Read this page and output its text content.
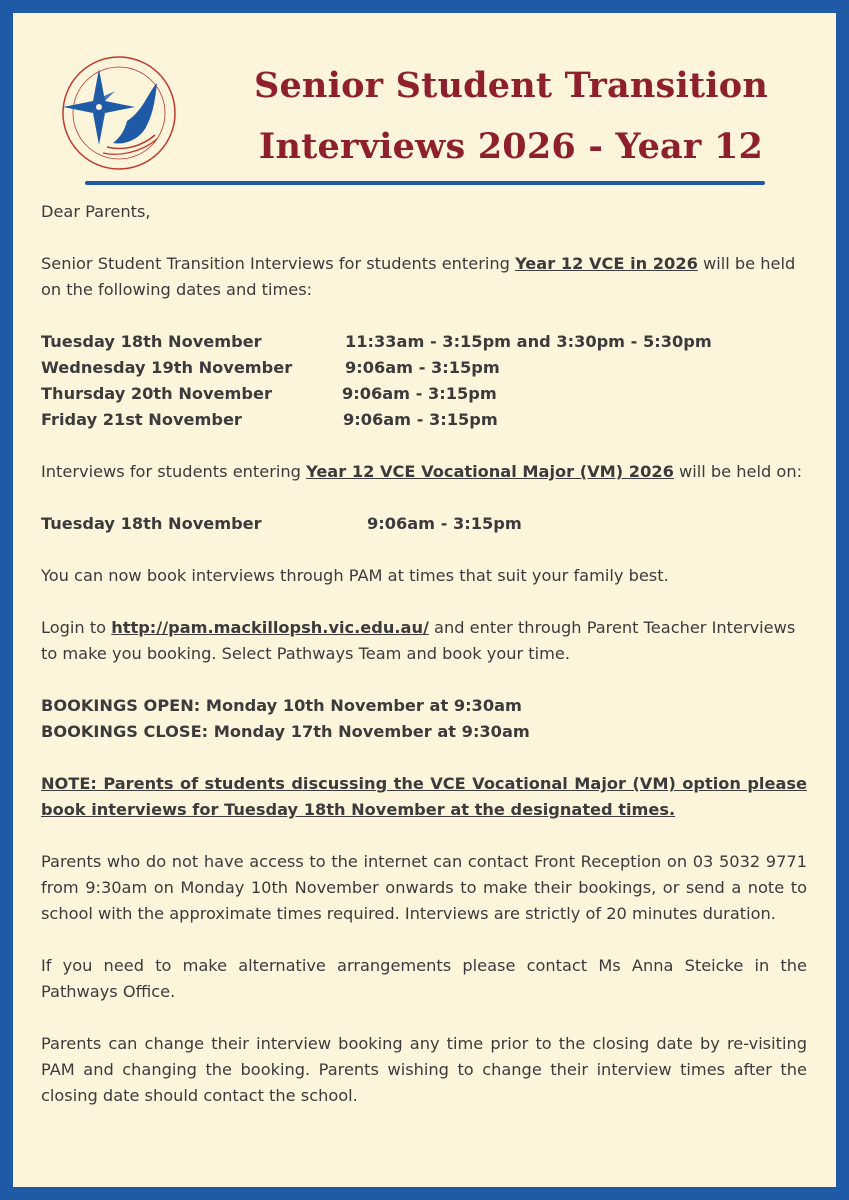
Senior Student Transition
Interviews 2026 - Year 12

Dear Parents,

Senior Student Transition Interviews for students entering Year 12 VCE in 2026 will be held on the following dates and times:

Tuesday 18th November	11:33am - 3:15pm and 3:30pm - 5:30pm
Wednesday 19th November	9:06am - 3:15pm
Thursday 20th November	9:06am - 3:15pm
Friday 21st November	9:06am - 3:15pm

Interviews for students entering Year 12 VCE Vocational Major (VM) 2026 will be held on:

Tuesday 18th November	9:06am - 3:15pm

You can now book interviews through PAM at times that suit your family best.

Login to http://pam.mackillopsh.vic.edu.au/ and enter through Parent Teacher Interviews to make you booking. Select Pathways Team and book your time.

BOOKINGS OPEN: Monday 10th November at 9:30am

BOOKINGS CLOSE: Monday 17th November at 9:30am

NOTE: Parents of students discussing the VCE Vocational Major (VM) option please book interviews for Tuesday 18th November at the designated times.

Parents who do not have access to the internet can contact Front Reception on 03 5032 9771 from 9:30am on Monday 10th November onwards to make their bookings, or send a note to school with the approximate times required. Interviews are strictly of 20 minutes duration.

If you need to make alternative arrangements please contact Ms Anna Steicke in the Pathways Office.

Parents can change their interview booking any time prior to the closing date by re-visiting PAM and changing the booking. Parents wishing to change their interview times after the closing date should contact the school.
